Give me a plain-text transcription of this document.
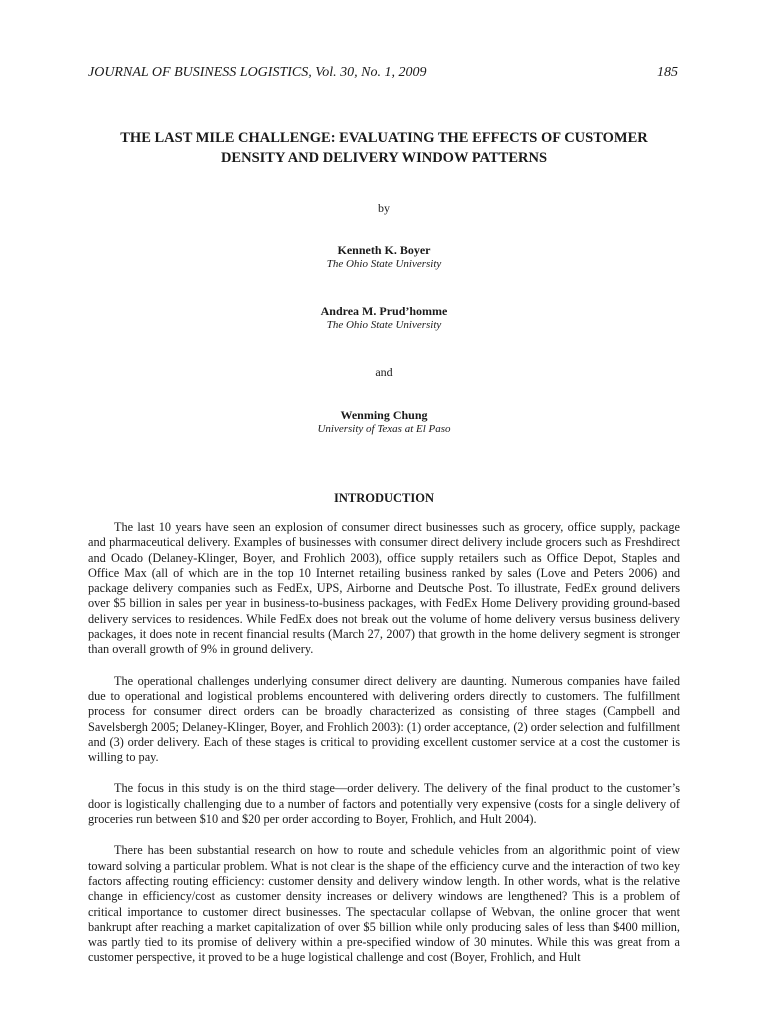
JOURNAL OF BUSINESS LOGISTICS, Vol. 30, No. 1, 2009	185
THE LAST MILE CHALLENGE: EVALUATING THE EFFECTS OF CUSTOMER
DENSITY AND DELIVERY WINDOW PATTERNS
by
Kenneth K. Boyer
The Ohio State University
Andrea M. Prud’homme
The Ohio State University
and
Wenming Chung
University of Texas at El Paso
INTRODUCTION

The last 10 years have seen an explosion of consumer direct businesses such as grocery, office supply, package and pharmaceutical delivery. Examples of businesses with consumer direct delivery include grocers such as Freshdirect and Ocado (Delaney-Klinger, Boyer, and Frohlich 2003), office supply retailers such as Office Depot, Staples and Office Max (all of which are in the top 10 Internet retailing business ranked by sales (Love and Peters 2006) and package delivery companies such as FedEx, UPS, Airborne and Deutsche Post. To illustrate, FedEx ground delivers over $5 billion in sales per year in business-to-business packages, with FedEx Home Delivery providing ground-based delivery services to residences. While FedEx does not break out the volume of home delivery versus business delivery packages, it does note in recent financial results (March 27, 2007) that growth in the home delivery segment is stronger than overall growth of 9% in ground delivery.

The operational challenges underlying consumer direct delivery are daunting. Numerous companies have failed due to operational and logistical problems encountered with delivering orders directly to customers. The fulfillment process for consumer direct orders can be broadly characterized as consisting of three stages (Campbell and Savelsbergh 2005; Delaney-Klinger, Boyer, and Frohlich 2003): (1) order acceptance, (2) order selection and fulfillment and (3) order delivery. Each of these stages is critical to providing excellent customer service at a cost the customer is willing to pay.

The focus in this study is on the third stage—order delivery. The delivery of the final product to the customer’s door is logistically challenging due to a number of factors and potentially very expensive (costs for a single delivery of groceries run between $10 and $20 per order according to Boyer, Frohlich, and Hult 2004).

There has been substantial research on how to route and schedule vehicles from an algorithmic point of view toward solving a particular problem. What is not clear is the shape of the efficiency curve and the interaction of two key factors affecting routing efficiency: customer density and delivery window length. In other words, what is the relative change in efficiency/cost as customer density increases or delivery windows are lengthened? This is a problem of critical importance to customer direct businesses. The spectacular collapse of Webvan, the online grocer that went bankrupt after reaching a market capitalization of over $5 billion while only producing sales of less than $400 million, was partly tied to its promise of delivery within a pre-specified window of 30 minutes. While this was great from a customer perspective, it proved to be a huge logistical challenge and cost (Boyer, Frohlich, and Hult
